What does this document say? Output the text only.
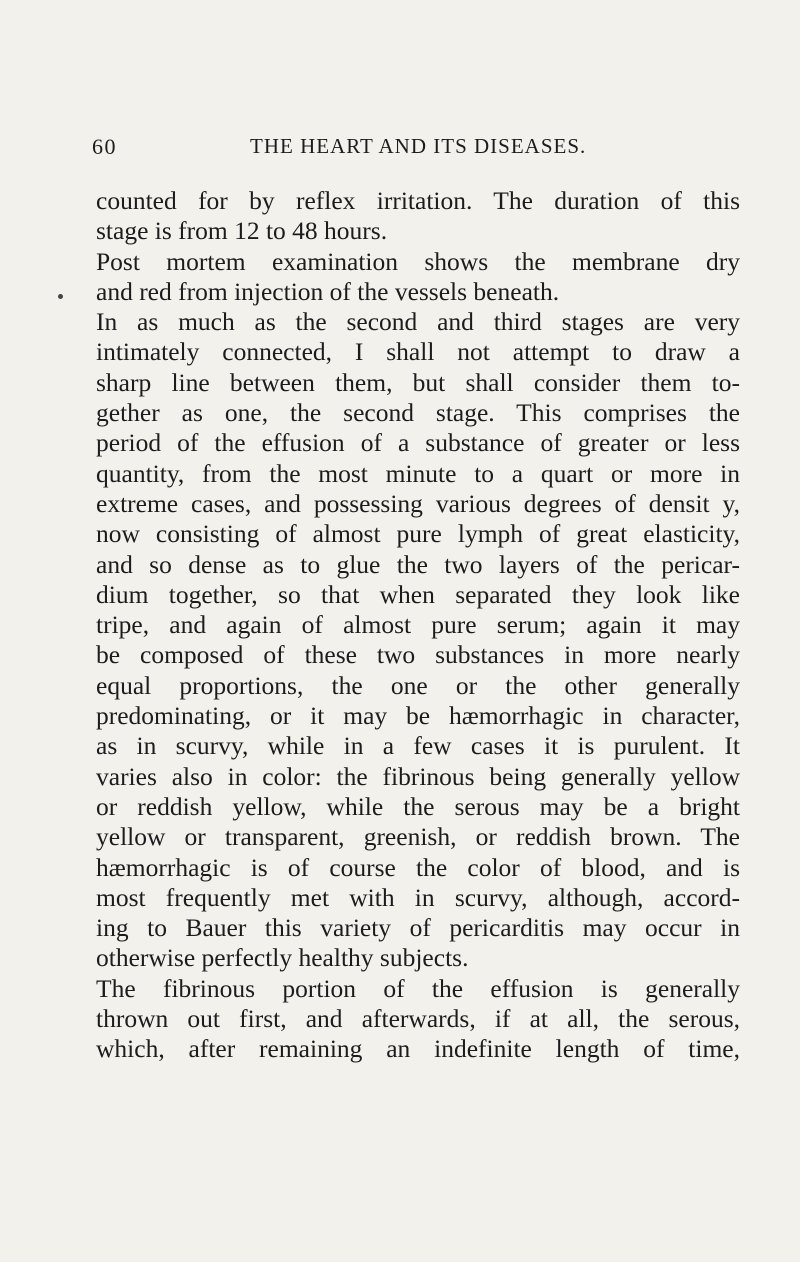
60	THE HEART AND ITS DISEASES.
counted for by reflex irritation. The duration of this
stage is from 12 to 48 hours.
Post mortem examination shows the membrane dry
and red from injection of the vessels beneath.
In as much as the second and third stages are very
intimately connected, I shall not attempt to draw a
sharp line between them, but shall consider them to-
gether as one, the second stage. This comprises the
period of the effusion of a substance of greater or less
quantity, from the most minute to a quart or more in
extreme cases, and possessing various degrees of densit y,
now consisting of almost pure lymph of great elasticity,
and so dense as to glue the two layers of the pericar-
dium together, so that when separated they look like
tripe, and again of almost pure serum; again it may
be composed of these two substances in more nearly
equal proportions, the one or the other generally
predominating, or it may be hæmorrhagic in character,
as in scurvy, while in a few cases it is purulent. It
varies also in color: the fibrinous being generally yellow
or reddish yellow, while the serous may be a bright
yellow or transparent, greenish, or reddish brown. The
hæmorrhagic is of course the color of blood, and is
most frequently met with in scurvy, although, accord-
ing to Bauer this variety of pericarditis may occur in
otherwise perfectly healthy subjects.
The fibrinous portion of the effusion is generally
thrown out first, and afterwards, if at all, the serous,
which, after remaining an indefinite length of time,
